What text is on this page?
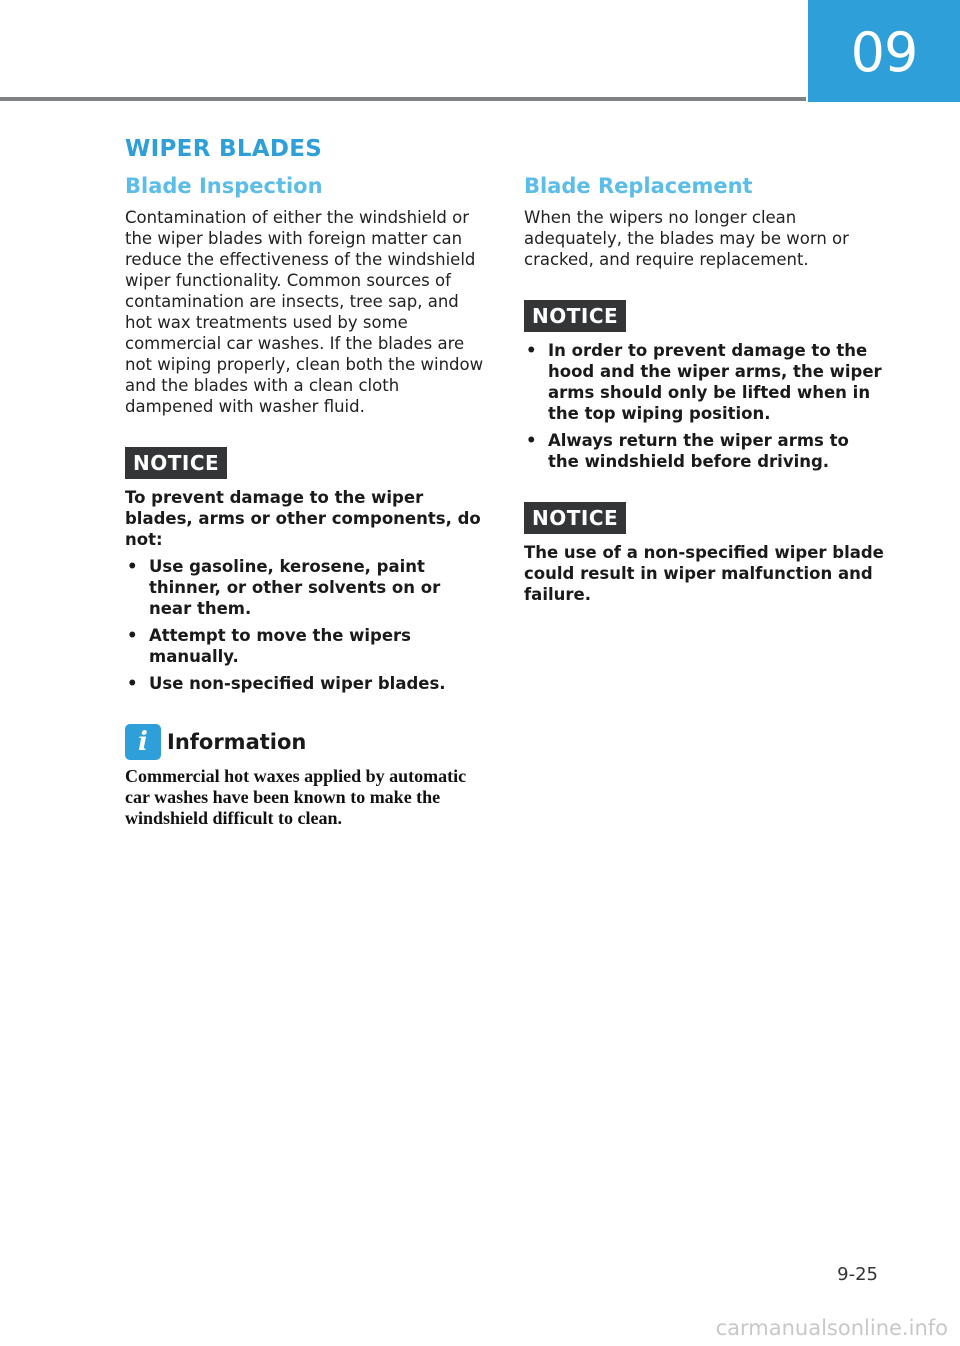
09
WIPER BLADES
Blade Inspection

Contamination of either the windshield or the wiper blades with foreign matter can reduce the effectiveness of the windshield wiper functionality. Common sources of contamination are insects, tree sap, and hot wax treatments used by some commercial car washes. If the blades are not wiping properly, clean both the window and the blades with a clean cloth dampened with washer fluid.

NOTICE

To prevent damage to the wiper blades, arms or other components, do not:

• Use gasoline, kerosene, paint thinner, or other solvents on or near them.
• Attempt to move the wipers manually.
• Use non-specified wiper blades.
i Information

Commercial hot waxes applied by automatic car washes have been known to make the windshield difficult to clean.

Blade Replacement

When the wipers no longer clean adequately, the blades may be worn or cracked, and require replacement.

NOTICE
• In order to prevent damage to the hood and the wiper arms, the wiper arms should only be lifted when in the top wiping position.
• Always return the wiper arms to the windshield before driving.
NOTICE

The use of a non-specified wiper blade could result in wiper malfunction and failure.

9-25
carmanualsonline.info
